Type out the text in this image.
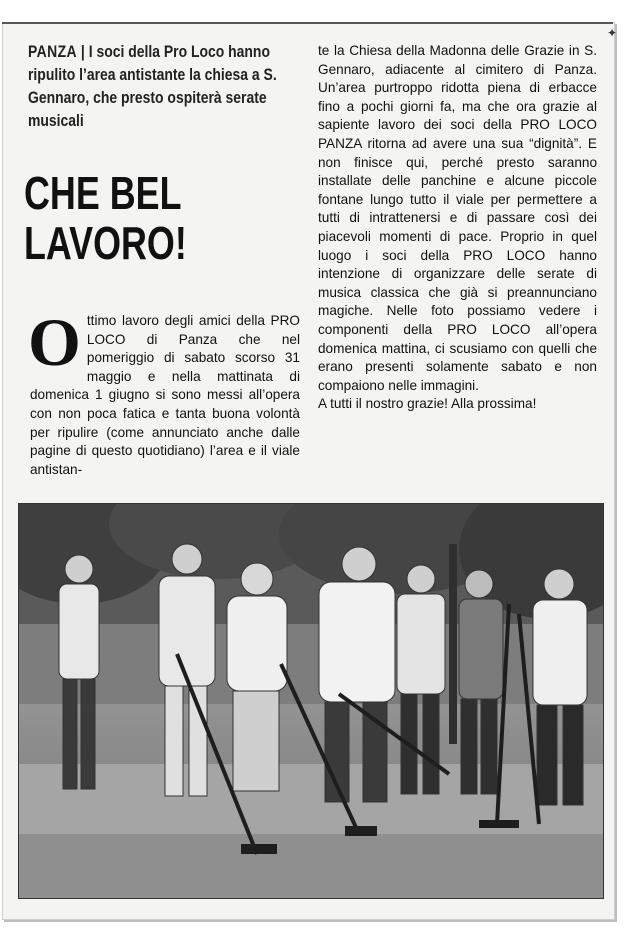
✦
PANZA | I soci della Pro Loco hanno ripulito l’area antistante la chiesa a S. Gennaro, che presto ospiterà serate musicali
CHE BEL
LAVORO!
O ttimo lavoro degli amici della PRO LOCO di Panza che nel pomeriggio di sabato scorso 31 maggio e nella mattinata di domenica 1 giugno si sono messi all’opera con non poca fatica e tanta buona volontà per ripulire (come annunciato anche dalle pagine di questo quotidiano) l’area e il viale antistan-

te la Chiesa della Madonna delle Grazie in S. Gennaro, adiacente al cimitero di Panza. Un’area purtroppo ridotta piena di erbacce fino a pochi giorni fa, ma che ora grazie al sapiente lavoro dei soci della PRO LOCO PANZA ritorna ad avere una sua “dignità”. E non finisce qui, perché presto saranno installate delle panchine e alcune piccole fontane lungo tutto il viale per permettere a tutti di intrattenersi e di passare così dei piacevoli momenti di pace. Proprio in quel luogo i soci della PRO LOCO hanno intenzione di organizzare delle serate di musica classica che già si preannunciano magiche. Nelle foto possiamo vedere i componenti della PRO LOCO all’opera domenica mattina, ci scusiamo con quelli che erano presenti solamente sabato e non compaiono nelle immagini.

A tutti il nostro grazie! Alla prossima!
